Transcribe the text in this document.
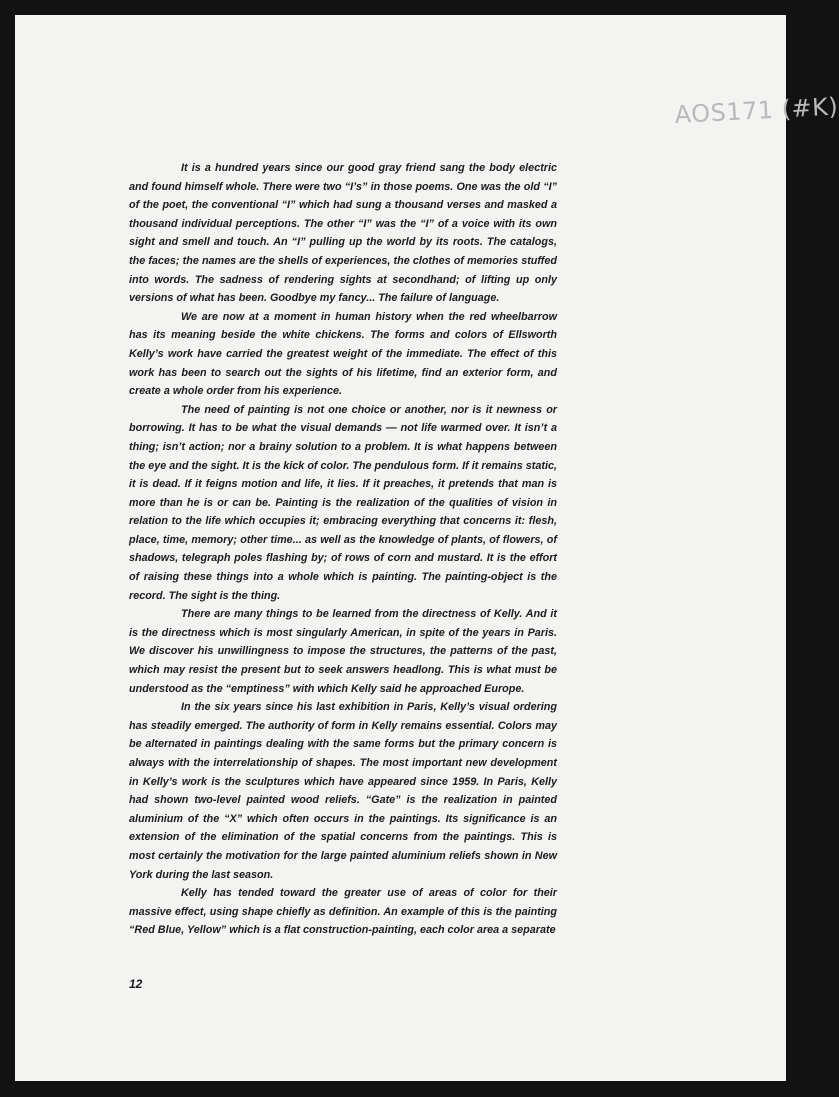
AOS171 (#K)

It is a hundred years since our good gray friend sang the body electric and found himself whole. There were two “I’s” in those poems. One was the old “I” of the poet, the conventional “I” which had sung a thousand verses and masked a thousand individual perceptions. The other “I” was the “I” of a voice with its own sight and smell and touch. An “I” pulling up the world by its roots. The catalogs, the faces; the names are the shells of experiences, the clothes of memories stuffed into words. The sadness of rendering sights at secondhand; of lifting up only versions of what has been. Goodbye my fancy... The failure of language.

We are now at a moment in human history when the red wheelbarrow has its meaning beside the white chickens. The forms and colors of Ellsworth Kelly’s work have carried the greatest weight of the immediate. The effect of this work has been to search out the sights of his lifetime, find an exterior form, and create a whole order from his experience.

The need of painting is not one choice or another, nor is it newness or borrowing. It has to be what the visual demands — not life warmed over. It isn’t a thing; isn’t action; nor a brainy solution to a problem. It is what happens between the eye and the sight. It is the kick of color. The pendulous form. If it remains static, it is dead. If it feigns motion and life, it lies. If it preaches, it pretends that man is more than he is or can be. Painting is the realization of the qualities of vision in relation to the life which occupies it; embracing everything that concerns it: flesh, place, time, memory; other time... as well as the knowledge of plants, of flowers, of shadows, telegraph poles flashing by; of rows of corn and mustard. It is the effort of raising these things into a whole which is painting. The painting-object is the record. The sight is the thing.

There are many things to be learned from the directness of Kelly. And it is the directness which is most singularly American, in spite of the years in Paris. We discover his unwillingness to impose the structures, the patterns of the past, which may resist the present but to seek answers headlong. This is what must be understood as the “emptiness” with which Kelly said he approached Europe.

In the six years since his last exhibition in Paris, Kelly’s visual ordering has steadily emerged. The authority of form in Kelly remains essential. Colors may be alternated in paintings dealing with the same forms but the primary concern is always with the interrelationship of shapes. The most important new development in Kelly’s work is the sculptures which have appeared since 1959. In Paris, Kelly had shown two-level painted wood reliefs. “Gate” is the realization in painted aluminium of the “X” which often occurs in the paintings. Its significance is an extension of the elimination of the spatial concerns from the paintings. This is most certainly the motivation for the large painted aluminium reliefs shown in New York during the last season.

Kelly has tended toward the greater use of areas of color for their massive effect, using shape chiefly as definition. An example of this is the painting “Red Blue, Yellow” which is a flat construction-painting, each color area a separate

12
